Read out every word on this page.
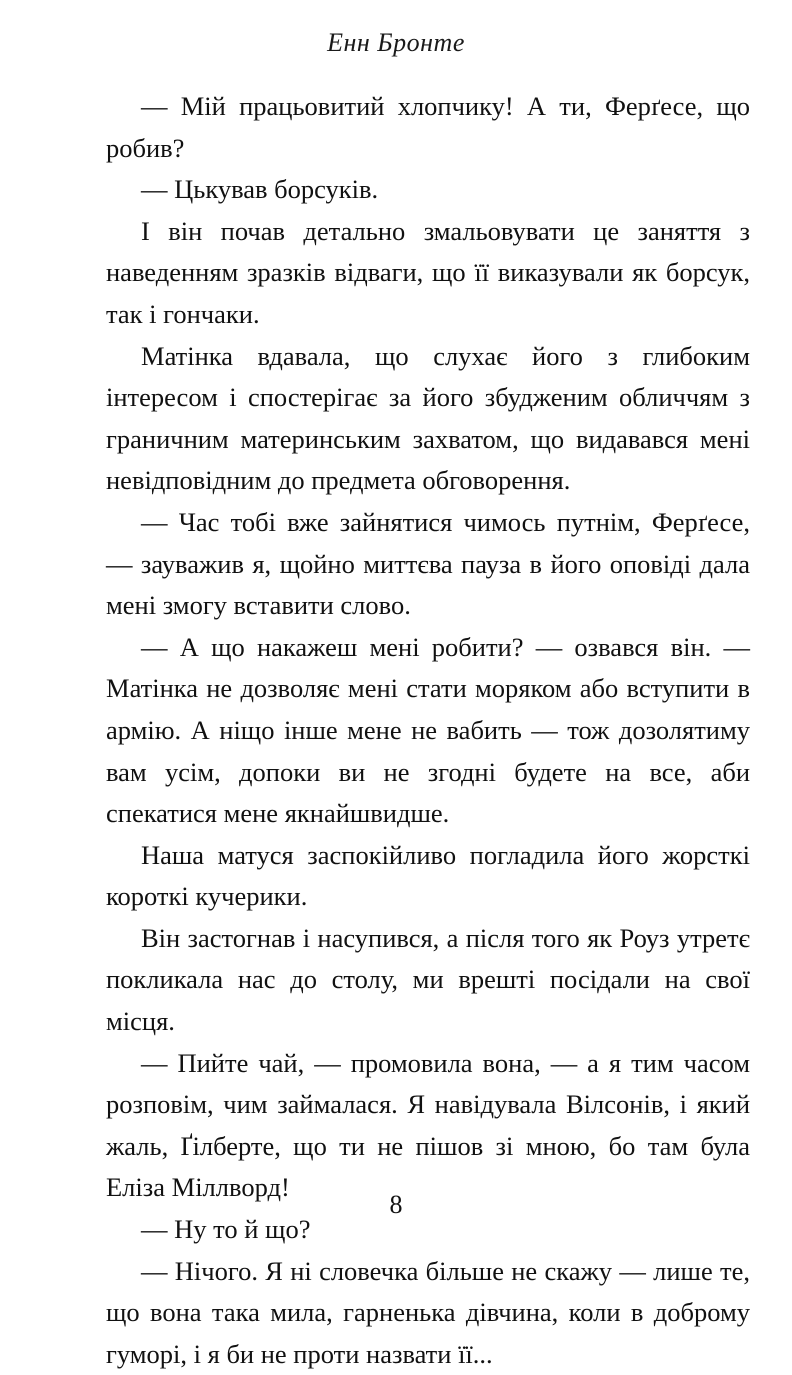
Енн Бронте

— Мій працьовитий хлопчику! А ти, Ферґесе, що робив?

— Цькував борсуків.

І він почав детально змальовувати це заняття з наведенням зразків відваги, що її виказували як борсук, так і гончаки.

Матінка вдавала, що слухає його з глибоким інтересом і спостерігає за його збудженим обличчям з граничним материнським захватом, що видавався мені невідповідним до предмета обговорення.

— Час тобі вже зайнятися чимось путнім, Ферґесе, — зауважив я, щойно миттєва пауза в його оповіді дала мені змогу вставити слово.

— А що накажеш мені робити? — озвався він. — Матінка не дозволяє мені стати моряком або вступити в армію. А ніщо інше мене не вабить — тож дозолятиму вам усім, допоки ви не згодні будете на все, аби спекатися мене якнайшвидше.

Наша матуся заспокійливо погладила його жорсткі короткі кучерики.

Він застогнав і насупився, а після того як Роуз утретє покликала нас до столу, ми врешті посідали на свої місця.

— Пийте чай, — промовила вона, — а я тим часом розповім, чим займалася. Я навідувала Вілсонів, і який жаль, Ґілберте, що ти не пішов зі мною, бо там була Еліза Міллворд!

— Ну то й що?

— Нічого. Я ні словечка більше не скажу — лише те, що вона така мила, гарненька дівчина, коли в доброму гуморі, і я би не проти назвати її...

8
